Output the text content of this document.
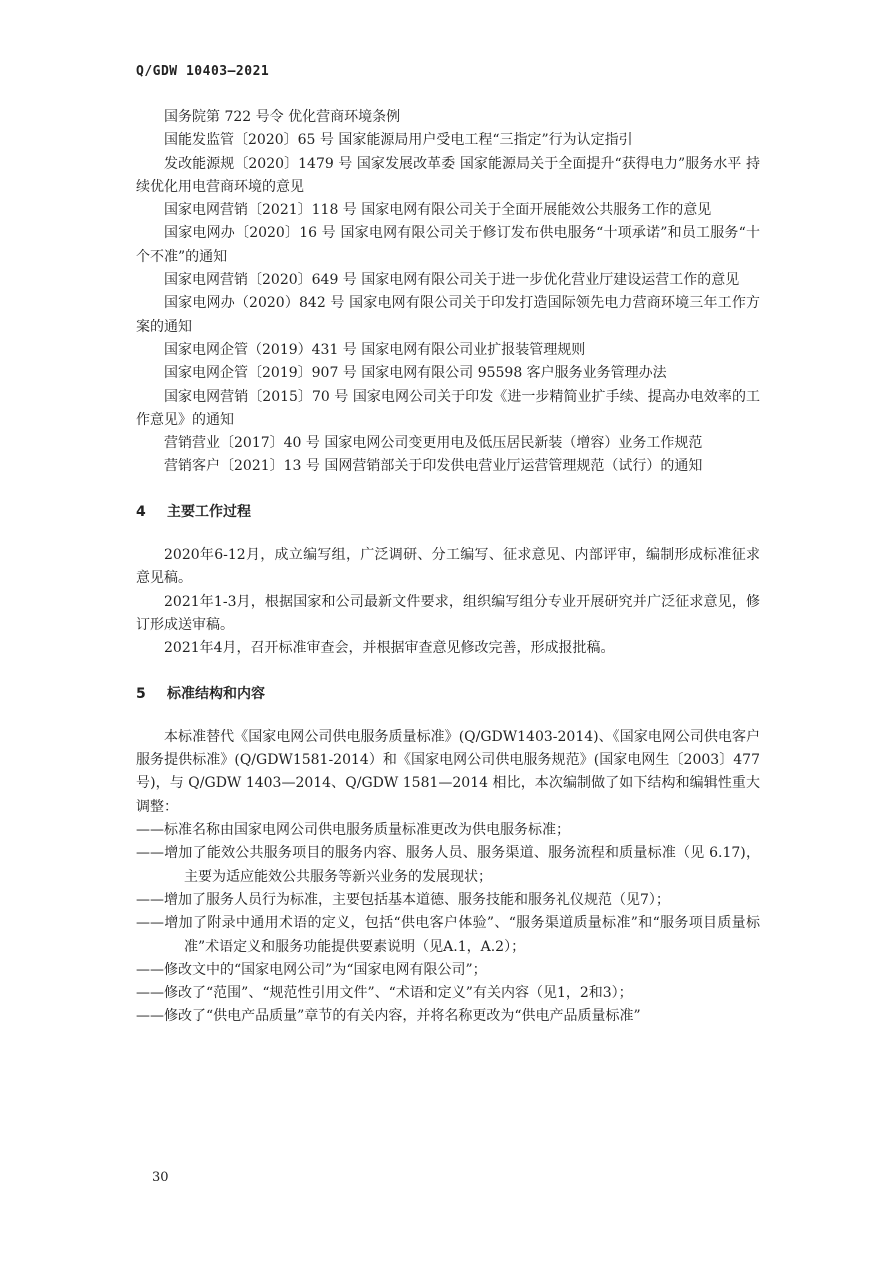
Q/GDW 10403—2021

国务院第 722 号令 优化营商环境条例

国能发监管〔2020〕65 号 国家能源局用户受电工程“三指定”行为认定指引

发改能源规〔2020〕1479 号 国家发展改革委 国家能源局关于全面提升“获得电力”服务水平 持续优化用电营商环境的意见

国家电网营销〔2021〕118 号 国家电网有限公司关于全面开展能效公共服务工作的意见

国家电网办〔2020〕16 号 国家电网有限公司关于修订发布供电服务“十项承诺”和员工服务“十个不准”的通知

国家电网营销〔2020〕649 号 国家电网有限公司关于进一步优化营业厅建设运营工作的意见

国家电网办（2020）842 号 国家电网有限公司关于印发打造国际领先电力营商环境三年工作方案的通知

国家电网企管（2019）431 号 国家电网有限公司业扩报装管理规则

国家电网企管〔2019〕907 号 国家电网有限公司 95598 客户服务业务管理办法

国家电网营销〔2015〕70 号 国家电网公司关于印发《进一步精简业扩手续、提高办电效率的工作意见》的通知

营销营业〔2017〕40 号 国家电网公司变更用电及低压居民新装（增容）业务工作规范

营销客户〔2021〕13 号 国网营销部关于印发供电营业厅运营管理规范（试行）的通知

4	主要工作过程

2020年6-12月，成立编写组，广泛调研、分工编写、征求意见、内部评审，编制形成标准征求意见稿。

2021年1-3月，根据国家和公司最新文件要求，组织编写组分专业开展研究并广泛征求意见，修订形成送审稿。

2021年4月，召开标准审查会，并根据审查意见修改完善，形成报批稿。

5	标准结构和内容

本标准替代《国家电网公司供电服务质量标准》(Q/GDW1403-2014)、《国家电网公司供电客户服务提供标准》(Q/GDW1581-2014）和《国家电网公司供电服务规范》(国家电网生〔2003〕477 号)，与 Q/GDW 1403—2014、Q/GDW 1581—2014 相比，本次编制做了如下结构和编辑性重大调整：

——标准名称由国家电网公司供电服务质量标准更改为供电服务标准；

——增加了能效公共服务项目的服务内容、服务人员、服务渠道、服务流程和质量标准（见 6.17)，主要为适应能效公共服务等新兴业务的发展现状；

——增加了服务人员行为标准，主要包括基本道德、服务技能和服务礼仪规范（见7）；

——增加了附录中通用术语的定义，包括“供电客户体验”、“服务渠道质量标准”和“服务项目质量标准”术语定义和服务功能提供要素说明（见A.1，A.2）；

——修改文中的“国家电网公司”为“国家电网有限公司”；

——修改了“范围”、“规范性引用文件”、“术语和定义”有关内容（见1，2和3）；

——修改了“供电产品质量”章节的有关内容，并将名称更改为“供电产品质量标准”

30
